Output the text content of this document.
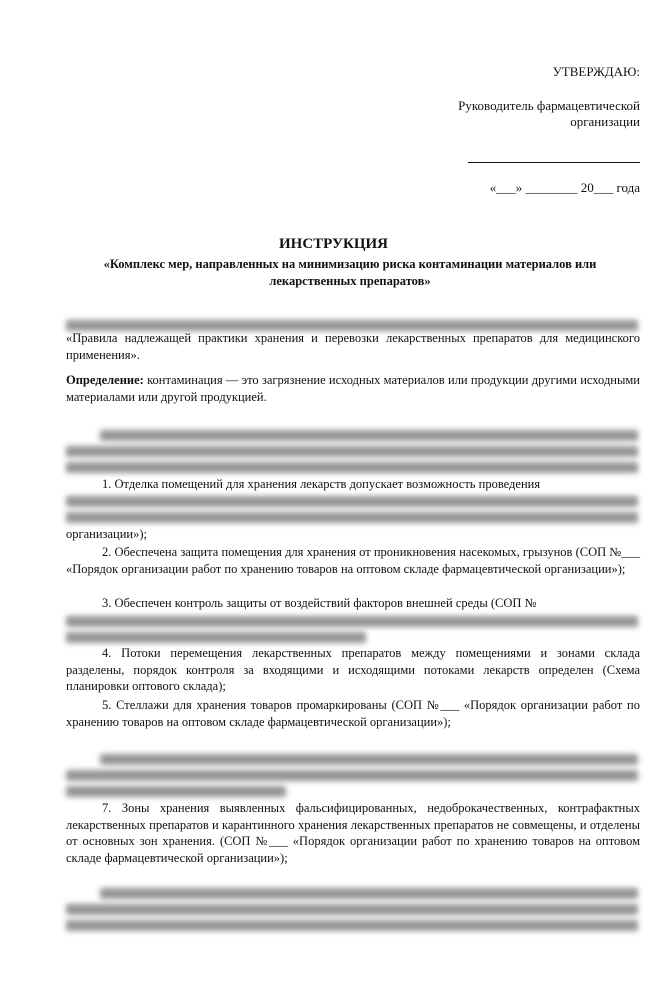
УТВЕРЖДАЮ:
Руководитель фармацевтической организации
«___» ________ 20___ года
ИНСТРУКЦИЯ
«Комплекс мер, направленных на минимизацию риска контаминации материалов или лекарственных препаратов»
«Правила надлежащей практики хранения и перевозки лекарственных препаратов для медицинского применения».
Определение: контаминация — это загрязнение исходных материалов или продукции другими исходными материалами или другой продукцией.
1. Отделка помещений для хранения лекарств допускает возможность проведения
организации»);
2. Обеспечена защита помещения для хранения от проникновения насекомых, грызунов (СОП №___ «Порядок организации работ по хранению товаров на оптовом складе фармацевтической организации»);
3. Обеспечен контроль защиты от воздействий факторов внешней среды (СОП №
4. Потоки перемещения лекарственных препаратов между помещениями и зонами склада разделены, порядок контроля за входящими и исходящими потоками лекарств определен (Схема планировки оптового склада);
5. Стеллажи для хранения товаров промаркированы (СОП №___ «Порядок организации работ по хранению товаров на оптовом складе фармацевтической организации»);
7. Зоны хранения выявленных фальсифицированных, недоброкачественных, контрафактных лекарственных препаратов и карантинного хранения лекарственных препаратов не совмещены, и отделены от основных зон хранения. (СОП №___ «Порядок организации работ по хранению товаров на оптовом складе фармацевтической организации»);
